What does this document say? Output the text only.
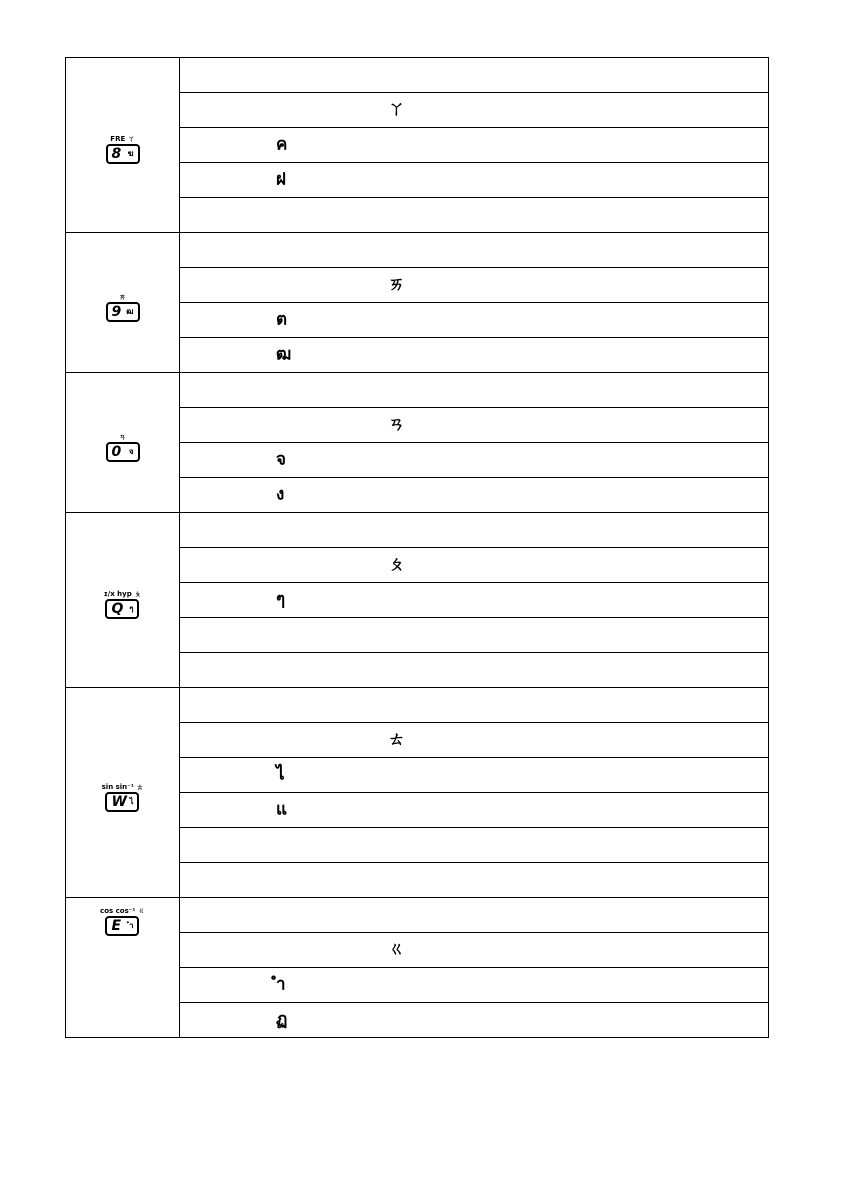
FRE ㄚ
8 ฆ	

	ㄚ

	ค

	ฝ

ㄞ
9 ฒ	

	ㄞ

	ต

	ฒ

ㄢ
0 จ	

	ㄢ

	จ

	ง

ɪ/x hyp ㄆ
Q ๆ	

	ㄆ

	ๆ

sin sin⁻¹ ㄊ
W ไ	

	ㄊ

	ไ

	แ

cos cos⁻¹ ㄍ
E ำ	

	ㄍ

	ำ

	ฏ
